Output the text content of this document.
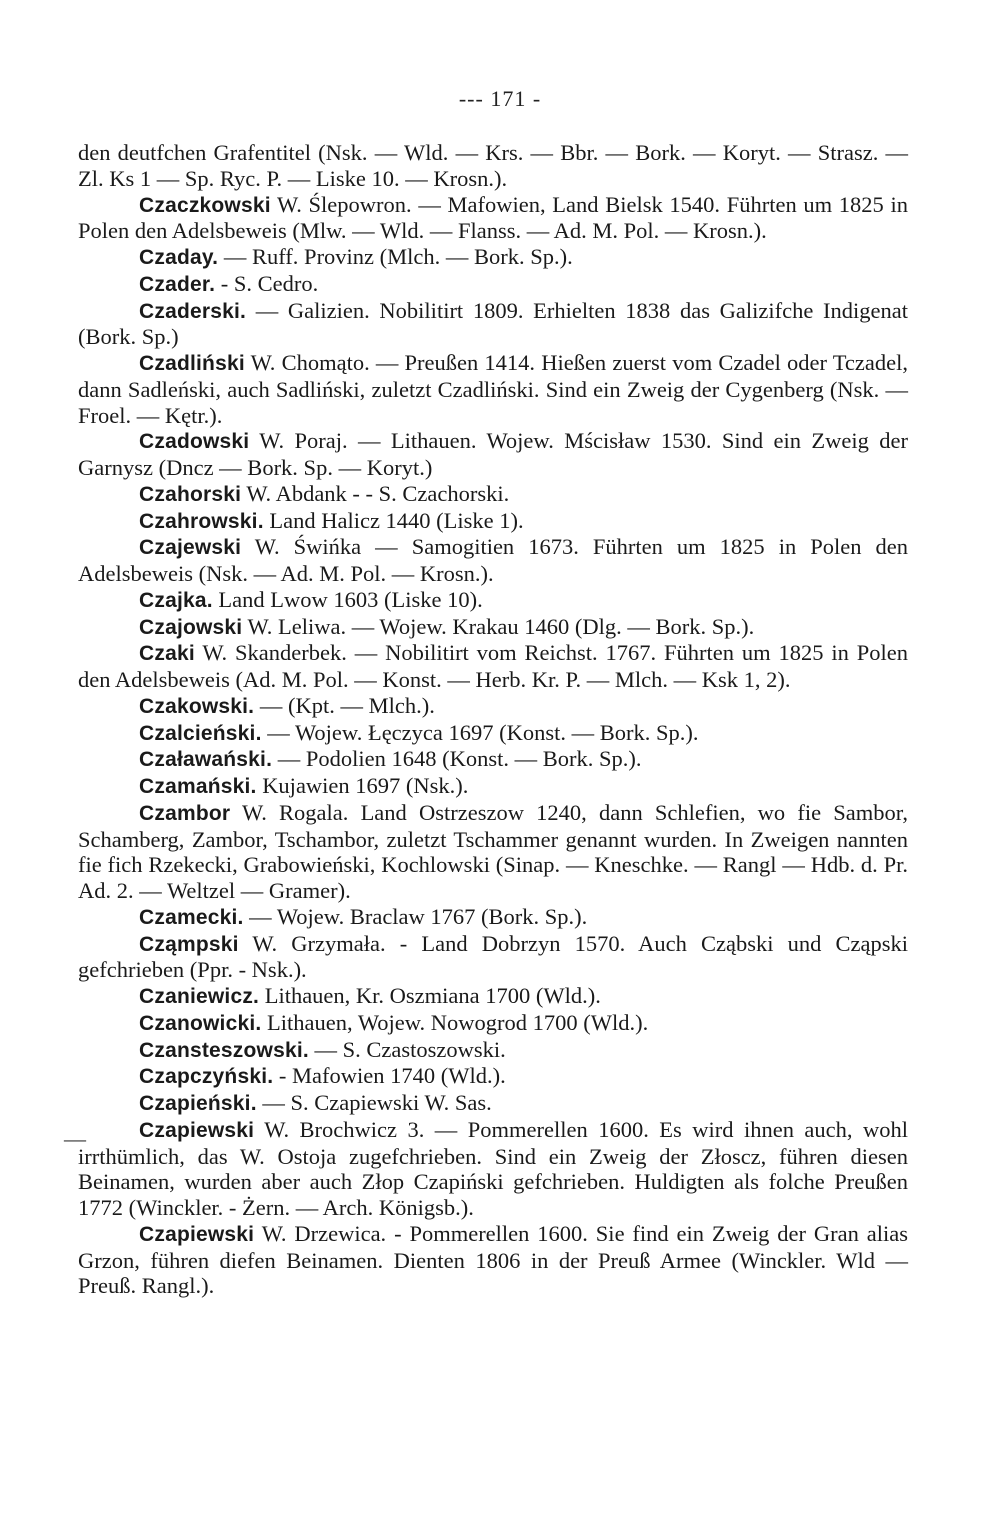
--- 171 -
—

den deutfchen Grafentitel (Nsk. — Wld. — Krs. — Bbr. — Bork. — Koryt. — Strasz. — Zl. Ks 1 — Sp. Ryc. P. — Liske 10. — Krosn.).

Czaczkowski W. Ślepowron. — Mafowien, Land Bielsk 1540. Führten um 1825 in Polen den Adelsbeweis (Mlw. — Wld. — Flanss. — Ad. M. Pol. — Krosn.).

Czaday. — Ruff. Provinz (Mlch. — Bork. Sp.).

Czader. - S. Cedro.

Czaderski. — Galizien. Nobilitirt 1809. Erhielten 1838 das Galizifche Indigenat (Bork. Sp.)

Czadliński W. Chomąto. — Preußen 1414. Hießen zuerst vom Czadel oder Tczadel, dann Sadleński, auch Sadliński, zuletzt Czadliński. Sind ein Zweig der Cygenberg (Nsk. — Froel. — Kętr.).

Czadowski W. Poraj. — Lithauen. Wojew. Mścisław 1530. Sind ein Zweig der Garnysz (Dncz — Bork. Sp. — Koryt.)

Czahorski W. Abdank - - S. Czachorski.

Czahrowski. Land Halicz 1440 (Liske 1).

Czajewski W. Świńka — Samogitien 1673. Führten um 1825 in Polen den Adelsbeweis (Nsk. — Ad. M. Pol. — Krosn.).

Czajka. Land Lwow 1603 (Liske 10).

Czajowski W. Leliwa. — Wojew. Krakau 1460 (Dlg. — Bork. Sp.).

Czaki W. Skanderbek. — Nobilitirt vom Reichst. 1767. Führten um 1825 in Polen den Adelsbeweis (Ad. M. Pol. — Konst. — Herb. Kr. P. — Mlch. — Ksk 1, 2).

Czakowski. — (Kpt. — Mlch.).

Czalcieński. — Wojew. Łęczyca 1697 (Konst. — Bork. Sp.).

Czaławański. — Podolien 1648 (Konst. — Bork. Sp.).

Czamański. Kujawien 1697 (Nsk.).

Czambor W. Rogala. Land Ostrzeszow 1240, dann Schlefien, wo fie Sambor, Schamberg, Zambor, Tschambor, zuletzt Tschammer genannt wurden. In Zweigen nannten fie fich Rzekecki, Grabowieński, Kochlowski (Sinap. — Kneschke. — Rangl — Hdb. d. Pr. Ad. 2. — Weltzel — Gramer).

Czamecki. — Wojew. Braclaw 1767 (Bork. Sp.).

Cząmpski W. Grzymała. - Land Dobrzyn 1570. Auch Cząbski und Cząpski gefchrieben (Ppr. - Nsk.).

Czaniewicz. Lithauen, Kr. Oszmiana 1700 (Wld.).

Czanowicki. Lithauen, Wojew. Nowogrod 1700 (Wld.).

Czansteszowski. — S. Czastoszowski.

Czapczyński. - Mafowien 1740 (Wld.).

Czapieński. — S. Czapiewski W. Sas.

Czapiewski W. Brochwicz 3. — Pommerellen 1600. Es wird ihnen auch, wohl irrthümlich, das W. Ostoja zugefchrieben. Sind ein Zweig der Złoscz, führen diesen Beinamen, wurden aber auch Złop Czapiński gefchrieben. Huldigten als folche Preußen 1772 (Winckler. - Żern. — Arch. Königsb.).

Czapiewski W. Drzewica. - Pommerellen 1600. Sie find ein Zweig der Gran alias Grzon, führen diefen Beinamen. Dienten 1806 in der Preuß Armee (Winckler. Wld — Preuß. Rangl.).
